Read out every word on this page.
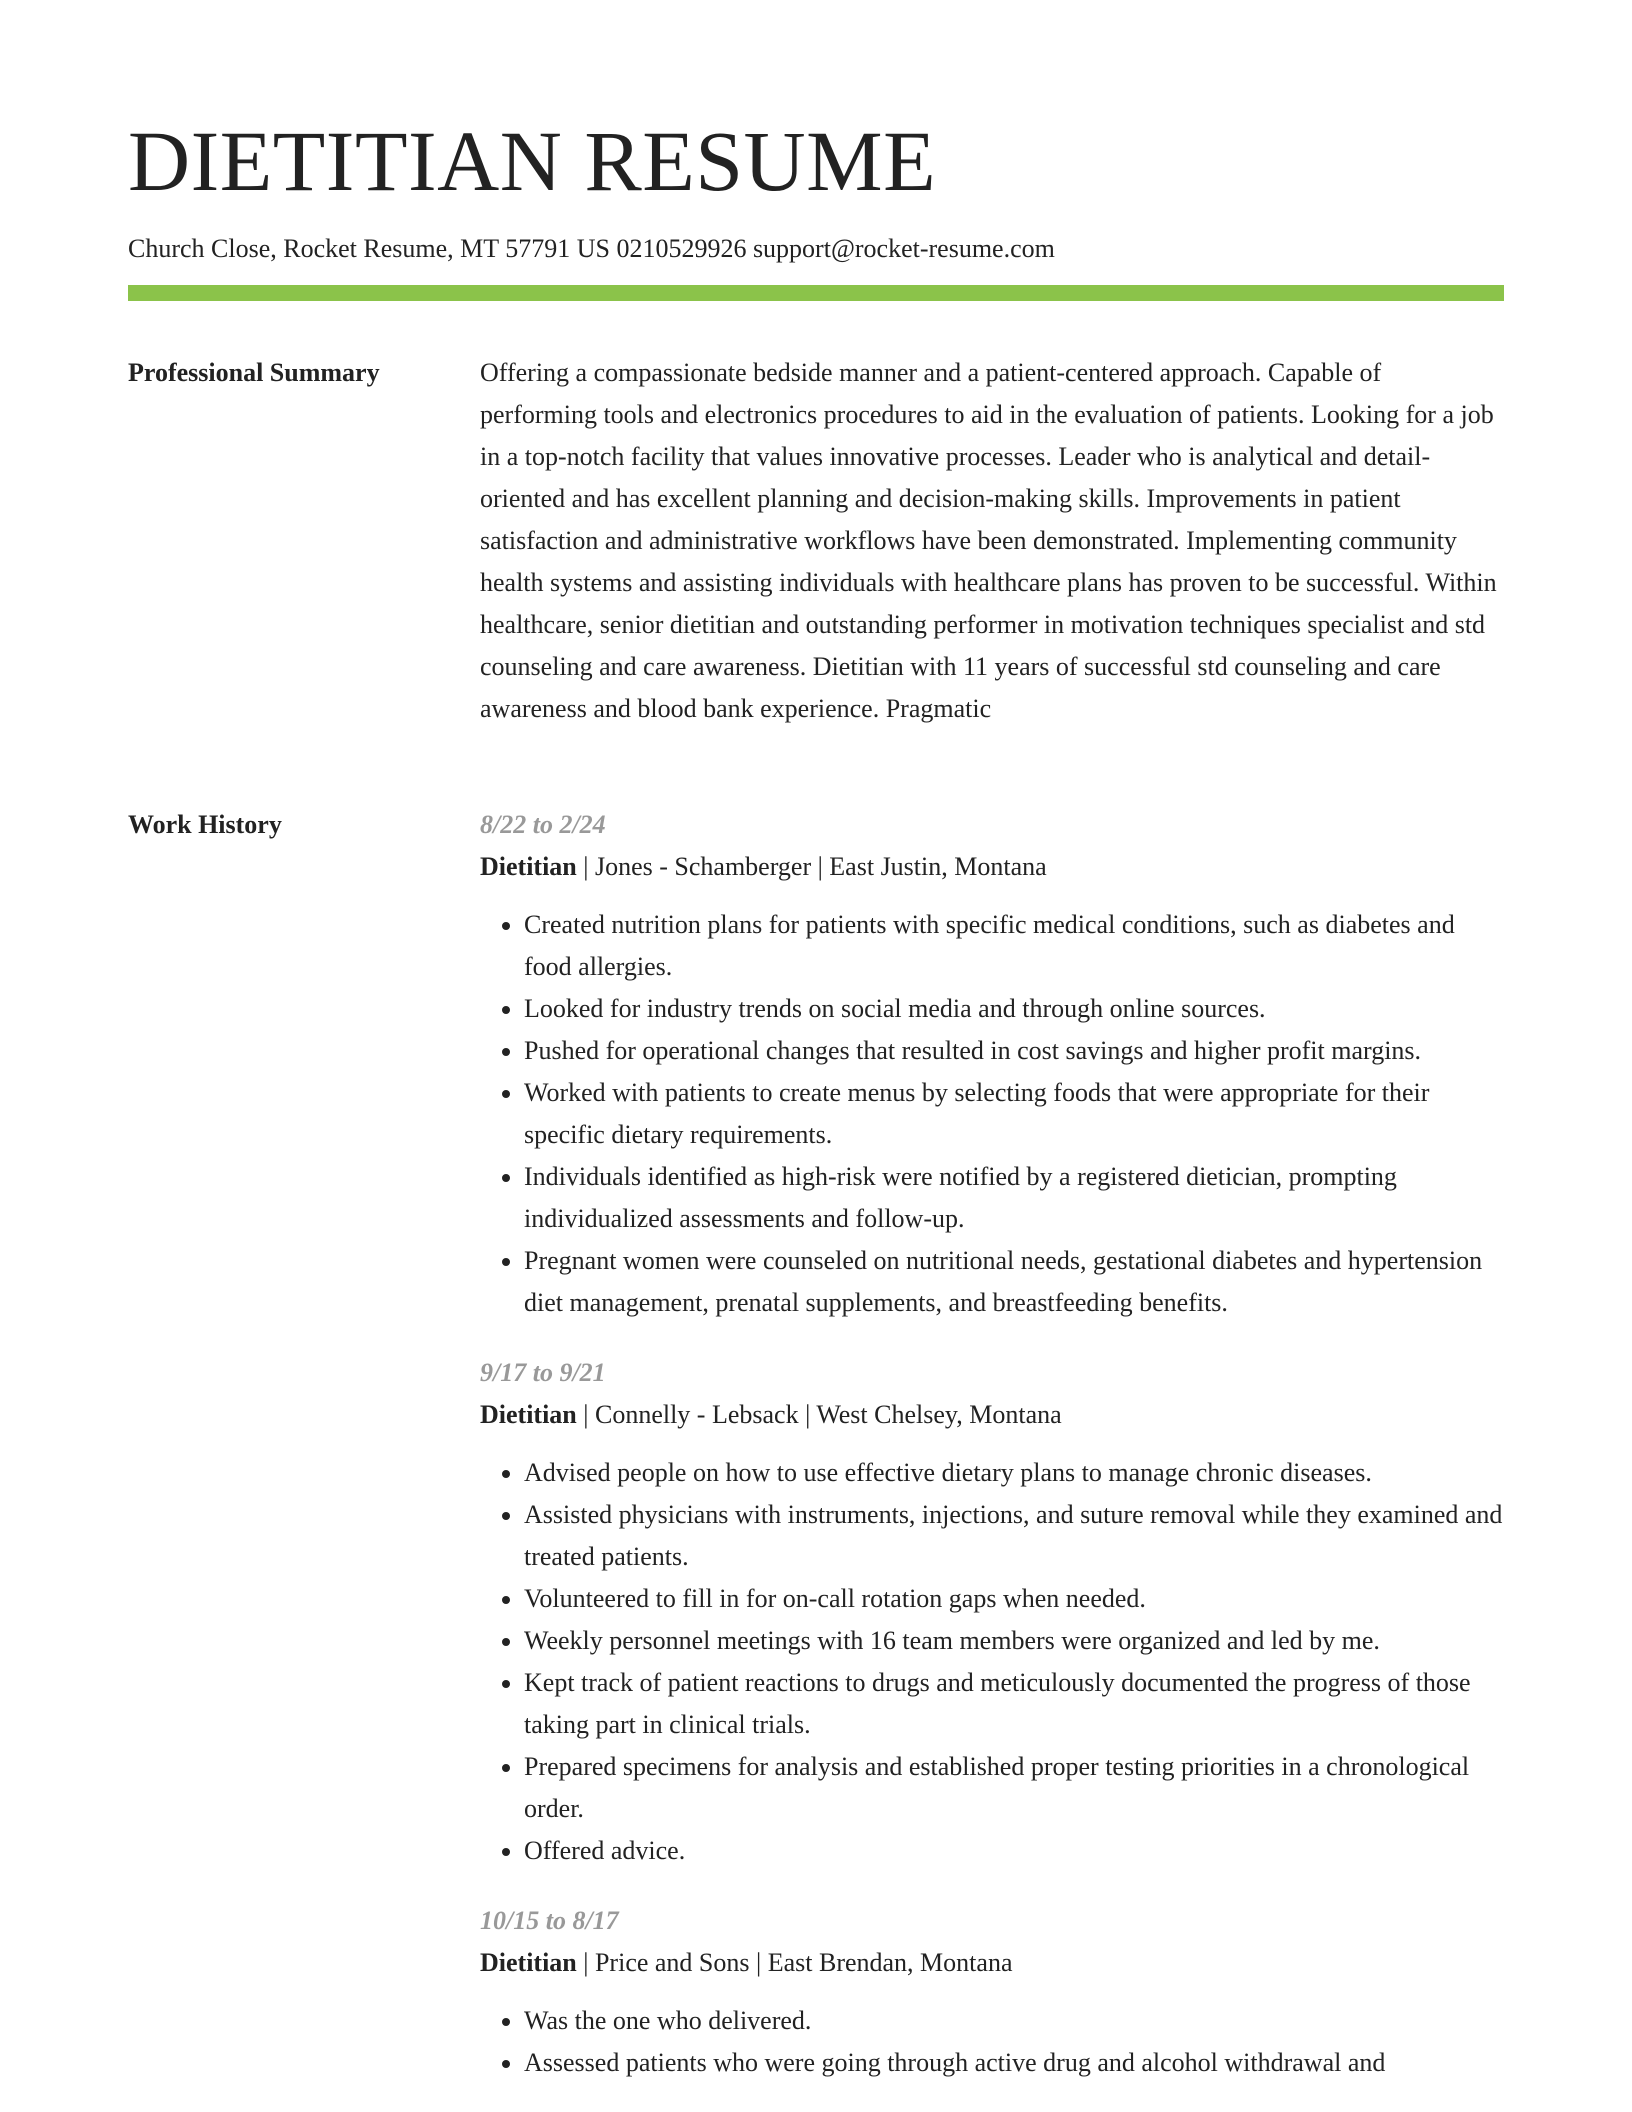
DIETITIAN RESUME
Church Close, Rocket Resume, MT 57791 US 0210529926 support@rocket-resume.com
Professional Summary	Offering a compassionate bedside manner and a patient-centered approach. Capable of performing tools and electronics procedures to aid in the evaluation of patients. Looking for a job in a top-notch facility that values innovative processes. Leader who is analytical and detail-oriented and has excellent planning and decision-making skills. Improvements in patient satisfaction and administrative workflows have been demonstrated. Implementing community health systems and assisting individuals with healthcare plans has proven to be successful. Within healthcare, senior dietitian and outstanding performer in motivation techniques specialist and std counseling and care awareness. Dietitian with 11 years of successful std counseling and care awareness and blood bank experience. Pragmatic

Work History	8/22 to 2/24
Dietitian | Jones - Schamberger | East Justin, Montana
• Created nutrition plans for patients with specific medical conditions, such as diabetes and food allergies.
• Looked for industry trends on social media and through online sources.
• Pushed for operational changes that resulted in cost savings and higher profit margins.
• Worked with patients to create menus by selecting foods that were appropriate for their specific dietary requirements.
• Individuals identified as high-risk were notified by a registered dietician, prompting individualized assessments and follow-up.
• Pregnant women were counseled on nutritional needs, gestational diabetes and hypertension diet management, prenatal supplements, and breastfeeding benefits.
9/17 to 9/21
Dietitian | Connelly - Lebsack | West Chelsey, Montana
• Advised people on how to use effective dietary plans to manage chronic diseases.
• Assisted physicians with instruments, injections, and suture removal while they examined and treated patients.
• Volunteered to fill in for on-call rotation gaps when needed.
• Weekly personnel meetings with 16 team members were organized and led by me.
• Kept track of patient reactions to drugs and meticulously documented the progress of those taking part in clinical trials.
• Prepared specimens for analysis and established proper testing priorities in a chronological order.
• Offered advice.
10/15 to 8/17
Dietitian | Price and Sons | East Brendan, Montana
• Was the one who delivered.
• Assessed patients who were going through active drug and alcohol withdrawal and
